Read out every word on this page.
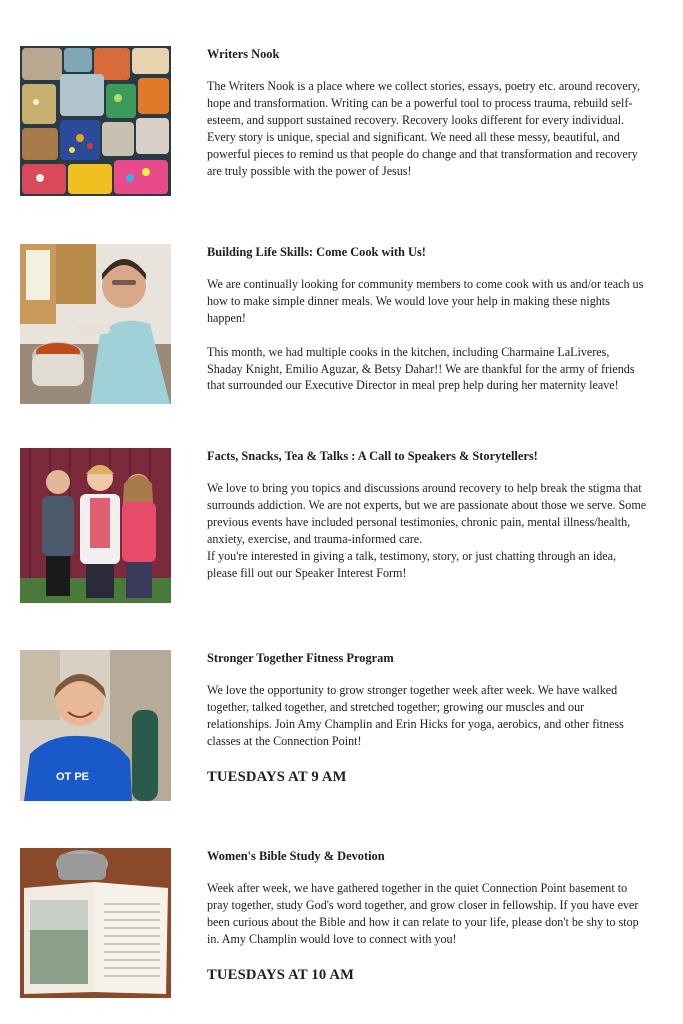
Writers Nook

The Writers Nook is a place where we collect stories, essays, poetry etc. around recovery, hope and transformation. Writing can be a powerful tool to process trauma, rebuild self-esteem, and support sustained recovery. Recovery looks different for every individual. Every story is unique, special and significant. We need all these messy, beautiful, and powerful pieces to remind us that people do change and that transformation and recovery are truly possible with the power of Jesus!

Building Life Skills: Come Cook with Us!

We are continually looking for community members to come cook with us and/or teach us how to make simple dinner meals. We would love your help in making these nights happen!

This month, we had multiple cooks in the kitchen, including Charmaine LaLiveres, Shaday Knight, Emilio Aguzar, & Betsy Dahar!! We are thankful for the army of friends that surrounded our Executive Director in meal prep help during her maternity leave!

Facts, Snacks, Tea & Talks : A Call to Speakers & Storytellers!

We love to bring you topics and discussions around recovery to help break the stigma that surrounds addiction. We are not experts, but we are passionate about those we serve. Some previous events have included personal testimonies, chronic pain, mental illness/health, anxiety, exercise, and trauma-informed care.

If you're interested in giving a talk, testimony, story, or just chatting through an idea, please fill out our Speaker Interest Form!

OT PE
Stronger Together Fitness Program

We love the opportunity to grow stronger together week after week. We have walked together, talked together, and stretched together; growing our muscles and our relationships. Join Amy Champlin and Erin Hicks for yoga, aerobics, and other fitness classes at the Connection Point!

TUESDAYS AT 9 AM
Women's Bible Study & Devotion

Week after week, we have gathered together in the quiet Connection Point basement to pray together, study God's word together, and grow closer in fellowship. If you have ever been curious about the Bible and how it can relate to your life, please don't be shy to stop in. Amy Champlin would love to connect with you!

TUESDAYS AT 10 AM
